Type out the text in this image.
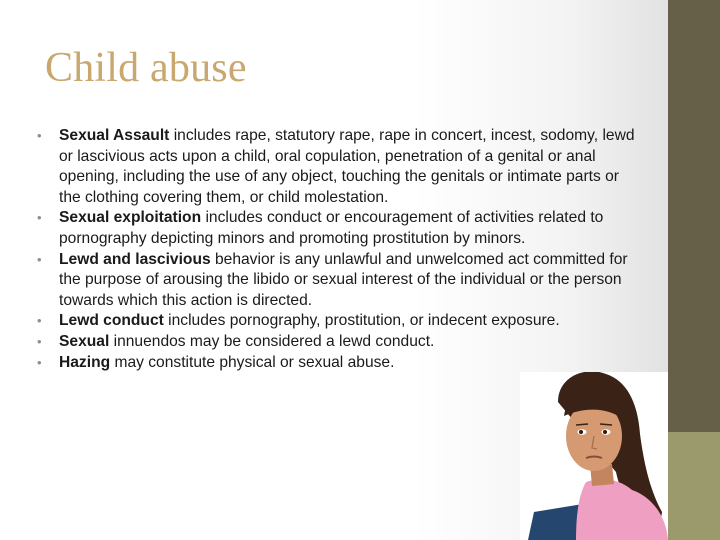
Child abuse
• Sexual Assault includes rape, statutory rape, rape in concert, incest, sodomy, lewd or lascivious acts upon a child, oral copulation, penetration of a genital or anal opening, including the use of any object, touching the genitals or intimate parts or the clothing covering them, or child molestation.
• Sexual exploitation includes conduct or encouragement of activities related to pornography depicting minors and promoting prostitution by minors.
• Lewd and lascivious behavior is any unlawful and unwelcomed act committed for the purpose of arousing the libido or sexual interest of the individual or the person towards which this action is directed.
• Lewd conduct includes pornography, prostitution, or indecent exposure.
• Sexual innuendos may be considered a lewd conduct.
• Hazing may constitute physical or sexual abuse.
